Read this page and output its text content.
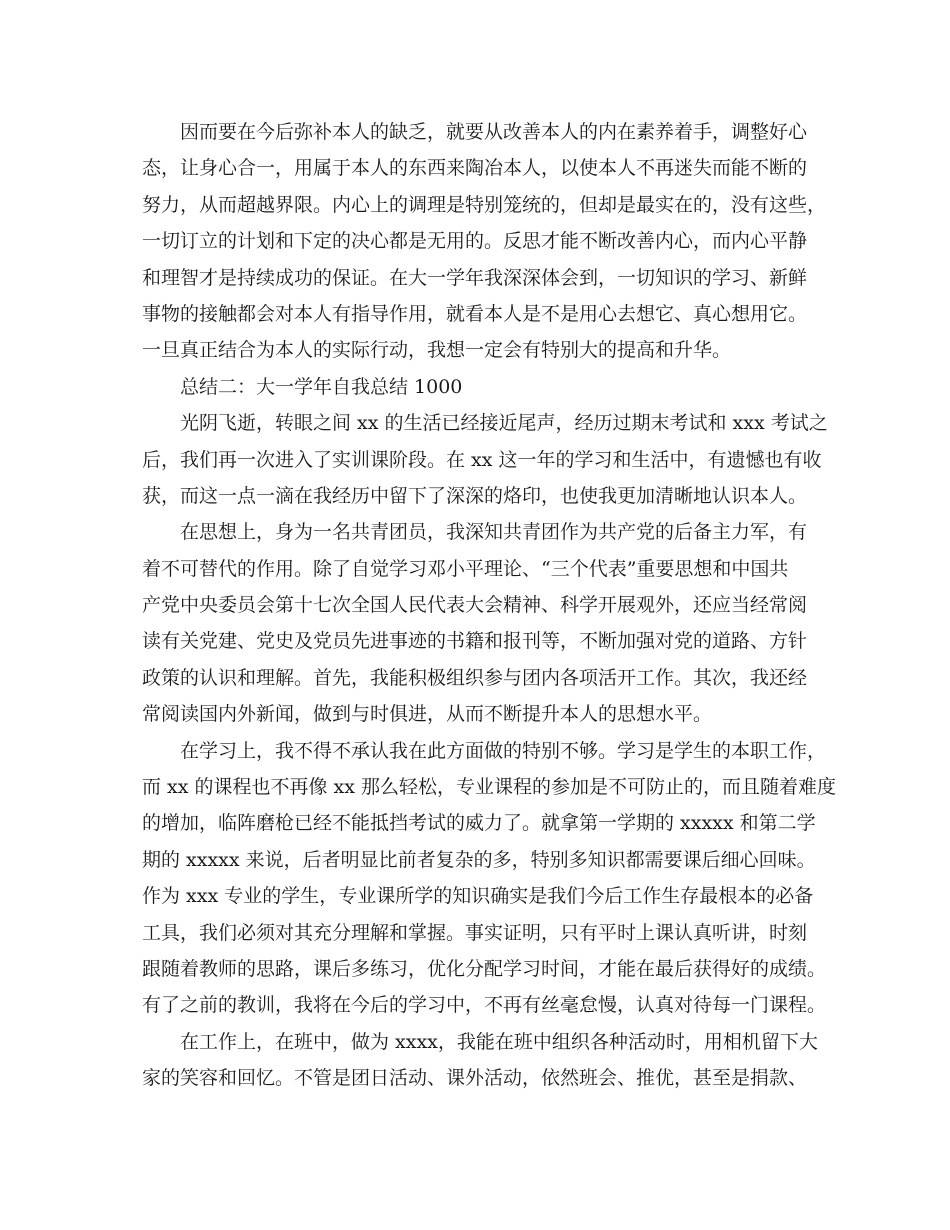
因而要在今后弥补本人的缺乏，就要从改善本人的内在素养着手，调整好心
态，让身心合一，用属于本人的东西来陶冶本人，以使本人不再迷失而能不断的
努力，从而超越界限。内心上的调理是特别笼统的，但却是最实在的，没有这些，
一切订立的计划和下定的决心都是无用的。反思才能不断改善内心，而内心平静
和理智才是持续成功的保证。在大一学年我深深体会到，一切知识的学习、新鲜
事物的接触都会对本人有指导作用，就看本人是不是用心去想它、真心想用它。
一旦真正结合为本人的实际行动，我想一定会有特别大的提高和升华。
总结二：大一学年自我总结 1000
光阴飞逝，转眼之间 xx 的生活已经接近尾声，经历过期末考试和 xxx 考试之
后，我们再一次进入了实训课阶段。在 xx 这一年的学习和生活中，有遗憾也有收
获，而这一点一滴在我经历中留下了深深的烙印，也使我更加清晰地认识本人。
在思想上，身为一名共青团员，我深知共青团作为共产党的后备主力军，有
着不可替代的作用。除了自觉学习邓小平理论、“三个代表”重要思想和中国共
产党中央委员会第十七次全国人民代表大会精神、科学开展观外，还应当经常阅
读有关党建、党史及党员先进事迹的书籍和报刊等，不断加强对党的道路、方针
政策的认识和理解。首先，我能积极组织参与团内各项活开工作。其次，我还经
常阅读国内外新闻，做到与时俱进，从而不断提升本人的思想水平。
在学习上，我不得不承认我在此方面做的特别不够。学习是学生的本职工作，
而 xx 的课程也不再像 xx 那么轻松，专业课程的参加是不可防止的，而且随着难度
的增加，临阵磨枪已经不能抵挡考试的威力了。就拿第一学期的 xxxxx 和第二学
期的 xxxxx 来说，后者明显比前者复杂的多，特别多知识都需要课后细心回味。
作为 xxx 专业的学生，专业课所学的知识确实是我们今后工作生存最根本的必备
工具，我们必须对其充分理解和掌握。事实证明，只有平时上课认真听讲，时刻
跟随着教师的思路，课后多练习，优化分配学习时间，才能在最后获得好的成绩。
有了之前的教训，我将在今后的学习中，不再有丝毫怠慢，认真对待每一门课程。
在工作上，在班中，做为 xxxx，我能在班中组织各种活动时，用相机留下大
家的笑容和回忆。不管是团日活动、课外活动，依然班会、推优，甚至是捐款、
